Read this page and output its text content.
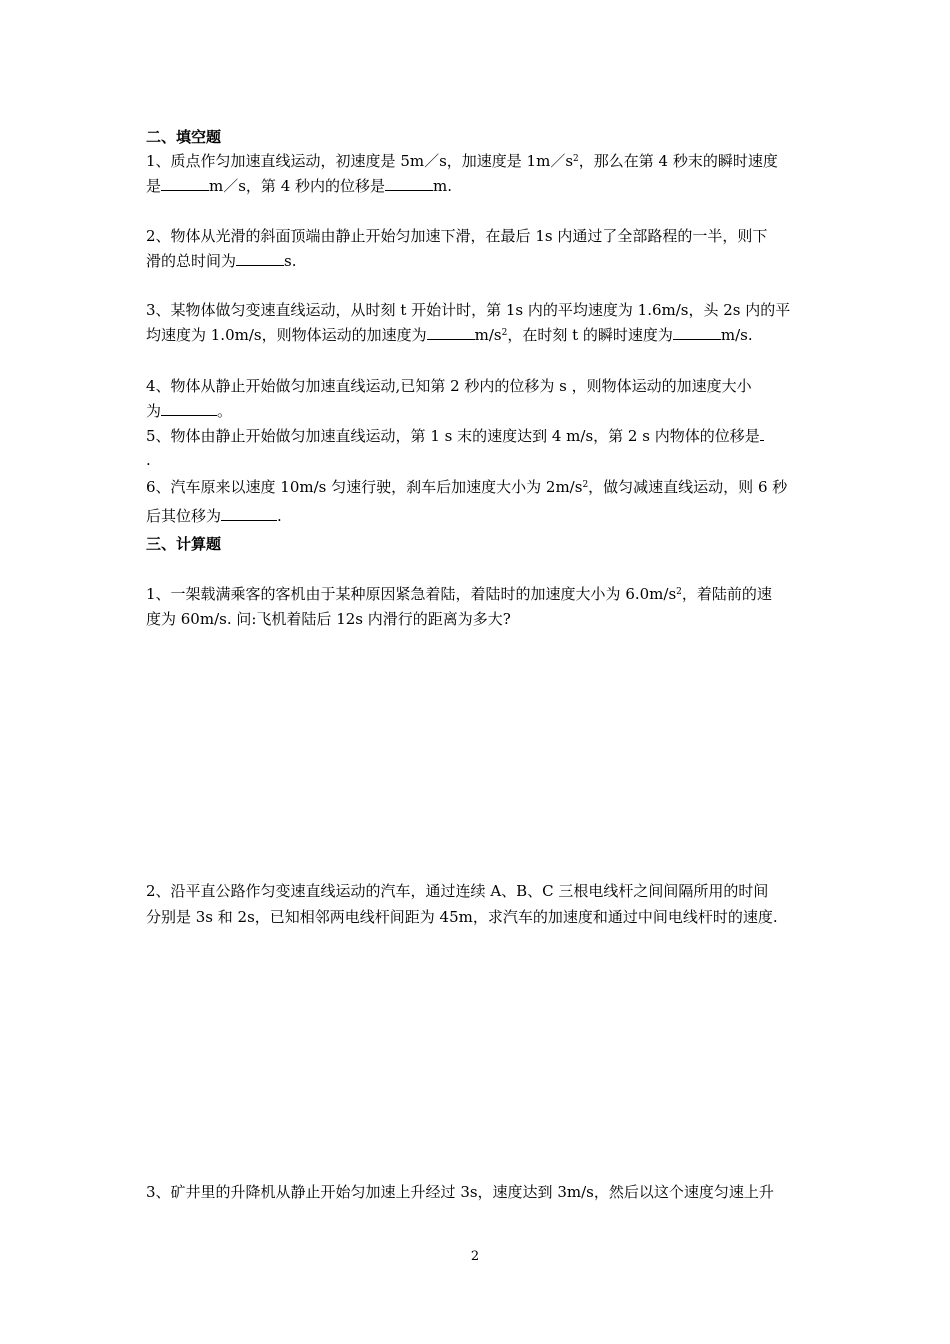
二、填空题
1、质点作匀加速直线运动，初速度是 5m／s，加速度是 $1m/s^2$，那么在第 4 秒末的瞬时速度
是	m／s，第 4 秒内的位移是	m.
2、物体从光滑的斜面顶端由静止开始匀加速下滑，在最后 1s 内通过了全部路程的一半，则下
滑的总时间为	s.
3、某物体做匀变速直线运动，从时刻 t 开始计时，第 1s 内的平均速度为 1.6m/s，头 2s 内的平
均速度为 1.0m/s，则物体运动的加速度为	$m/s^2$，在时刻 t 的瞬时速度为	m/s.
4、物体从静止开始做匀加速直线运动,已知第 2 秒内的位移为 s ，则物体运动的加速度大小
为	。
5、物体由静止开始做匀加速直线运动，第 1 s 末的速度达到 4 m/s，第 2 s 内物体的位移是
.
6、汽车原来以速度 10m/s 匀速行驶，刹车后加速度大小为 $2m/s^2$，做匀减速直线运动，则 6 秒
后其位移为	.
三、计算题
1、一架载满乘客的客机由于某种原因紧急着陆，着陆时的加速度大小为 $6.0m/s^2$，着陆前的速
度为 60m/s. 问:飞机着陆后 12s 内滑行的距离为多大?
2、沿平直公路作匀变速直线运动的汽车，通过连续 A、B、C 三根电线杆之间间隔所用的时间
分别是 3s 和 2s，已知相邻两电线杆间距为 45m，求汽车的加速度和通过中间电线杆时的速度.
3、矿井里的升降机从静止开始匀加速上升经过 3s，速度达到 3m/s，然后以这个速度匀速上升
2
